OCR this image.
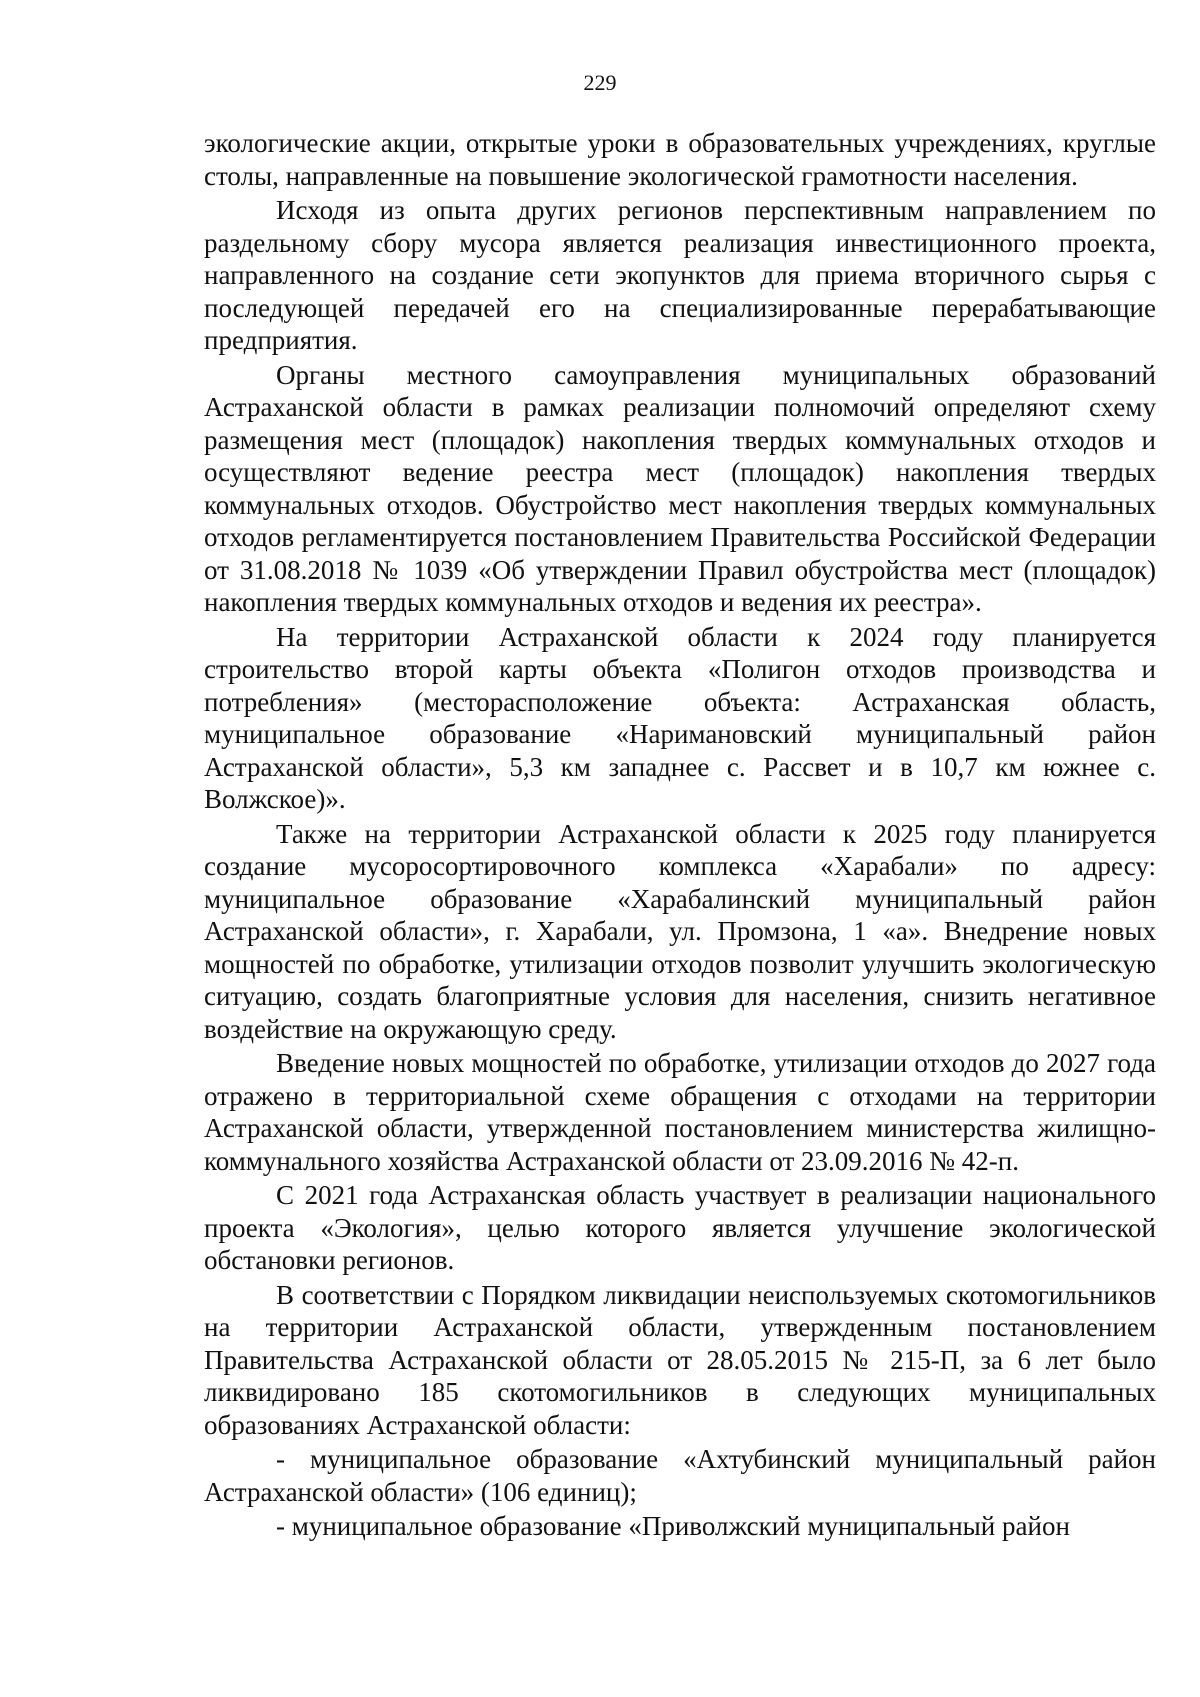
229

экологические акции, открытые уроки в образовательных учреждениях, круглые столы, направленные на повышение экологической грамотности населения.

Исходя из опыта других регионов перспективным направлением по раздельному сбору мусора является реализация инвестиционного проекта, направленного на создание сети экопунктов для приема вторичного сырья с последующей передачей его на специализированные перерабатывающие предприятия.

Органы местного самоуправления муниципальных образований Астраханской области в рамках реализации полномочий определяют схему размещения мест (площадок) накопления твердых коммунальных отходов и осуществляют ведение реестра мест (площадок) накопления твердых коммунальных отходов. Обустройство мест накопления твердых коммунальных отходов регламентируется постановлением Правительства Российской Федерации от 31.08.2018 № 1039 «Об утверждении Правил обустройства мест (площадок) накопления твердых коммунальных отходов и ведения их реестра».

На территории Астраханской области к 2024 году планируется строительство второй карты объекта «Полигон отходов производства и потребления» (месторасположение объекта: Астраханская область, муниципальное образование «Наримановский муниципальный район Астраханской области», 5,3 км западнее с. Рассвет и в 10,7 км южнее с. Волжское)».

Также на территории Астраханской области к 2025 году планируется создание мусоросортировочного комплекса «Харабали» по адресу: муниципальное образование «Харабалинский муниципальный район Астраханской области», г. Харабали, ул. Промзона, 1 «а». Внедрение новых мощностей по обработке, утилизации отходов позволит улучшить экологическую ситуацию, создать благоприятные условия для населения, снизить негативное воздействие на окружающую среду.

Введение новых мощностей по обработке, утилизации отходов до 2027 года отражено в территориальной схеме обращения с отходами на территории Астраханской области, утвержденной постановлением министерства жилищно-коммунального хозяйства Астраханской области от 23.09.2016 № 42-п.

С 2021 года Астраханская область участвует в реализации национального проекта «Экология», целью которого является улучшение экологической обстановки регионов.

В соответствии с Порядком ликвидации неиспользуемых скотомогильников на территории Астраханской области, утвержденным постановлением Правительства Астраханской области от 28.05.2015 № 215-П, за 6 лет было ликвидировано 185 скотомогильников в следующих муниципальных образованиях Астраханской области:

- муниципальное образование «Ахтубинский муниципальный район Астраханской области» (106 единиц);

- муниципальное образование «Приволжский муниципальный район
